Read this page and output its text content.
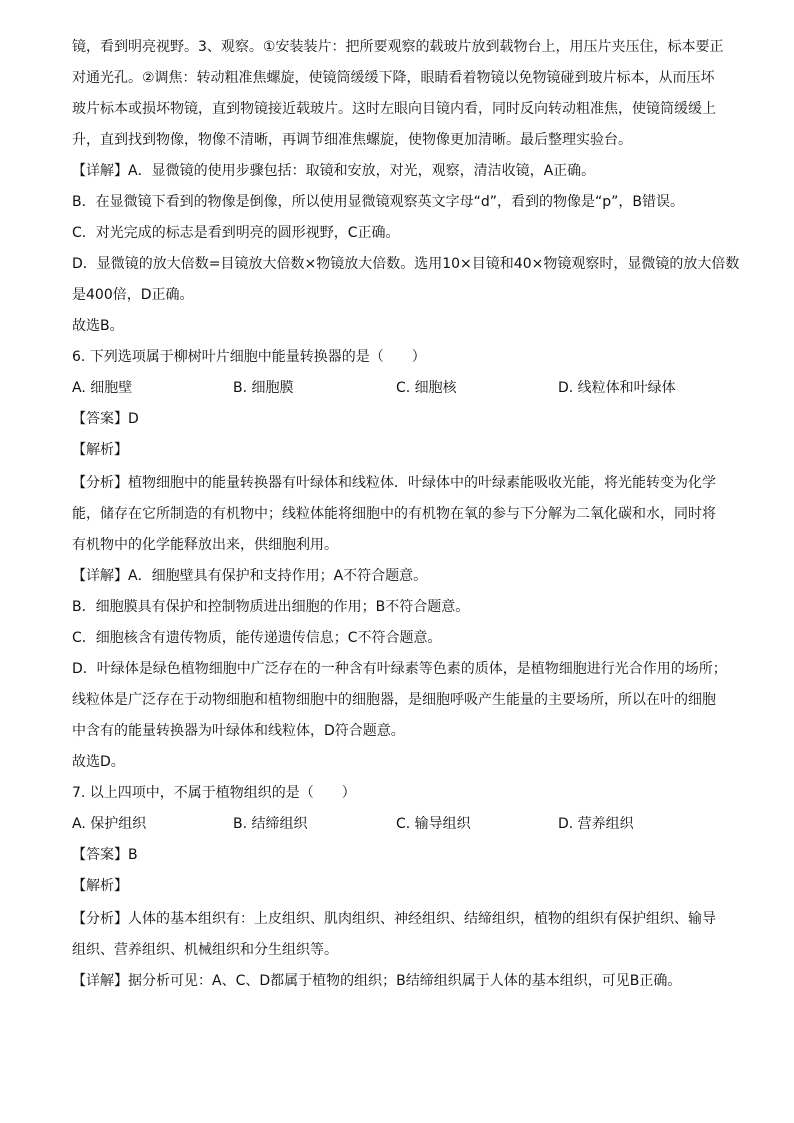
镜，看到明亮视野。3、观察。①安装装片：把所要观察的载玻片放到载物台上，用压片夹压住，标本要正
对通光孔。②调焦：转动粗准焦螺旋，使镜筒缓缓下降，眼睛看着物镜以免物镜碰到玻片标本，从而压坏
玻片标本或损坏物镜，直到物镜接近载玻片。这时左眼向目镜内看，同时反向转动粗准焦，使镜筒缓缓上
升，直到找到物像，物像不清晰，再调节细准焦螺旋，使物像更加清晰。最后整理实验台。
【详解】A．显微镜的使用步骤包括：取镜和安放，对光，观察，清洁收镜，A正确。
B．在显微镜下看到的物像是倒像，所以使用显微镜观察英文字母“d”，看到的物像是“p”，B错误。
C．对光完成的标志是看到明亮的圆形视野，C正确。
D．显微镜的放大倍数=目镜放大倍数×物镜放大倍数。选用10×目镜和40×物镜观察时，显微镜的放大倍数
是400倍，D正确。
故选B。
6. 下列选项属于柳树叶片细胞中能量转换器的是（　　）
A. 细胞壁	B. 细胞膜	C. 细胞核	D. 线粒体和叶绿体
【答案】D
【解析】
【分析】植物细胞中的能量转换器有叶绿体和线粒体．叶绿体中的叶绿素能吸收光能，将光能转变为化学
能，储存在它所制造的有机物中；线粒体能将细胞中的有机物在氧的参与下分解为二氧化碳和水，同时将
有机物中的化学能释放出来，供细胞利用。
【详解】A．细胞壁具有保护和支持作用；A不符合题意。
B．细胞膜具有保护和控制物质进出细胞的作用；B不符合题意。
C．细胞核含有遗传物质，能传递遗传信息；C不符合题意。
D．叶绿体是绿色植物细胞中广泛存在的一种含有叶绿素等色素的质体，是植物细胞进行光合作用的场所；
线粒体是广泛存在于动物细胞和植物细胞中的细胞器，是细胞呼吸产生能量的主要场所，所以在叶的细胞
中含有的能量转换器为叶绿体和线粒体，D符合题意。
故选D。
7. 以上四项中，不属于植物组织的是（　　）
A. 保护组织	B. 结缔组织	C. 输导组织	D. 营养组织
【答案】B
【解析】
【分析】人体的基本组织有：上皮组织、肌肉组织、神经组织、结缔组织，植物的组织有保护组织、输导
组织、营养组织、机械组织和分生组织等。
【详解】据分析可见：A、C、D都属于植物的组织；B结缔组织属于人体的基本组织，可见B正确。
